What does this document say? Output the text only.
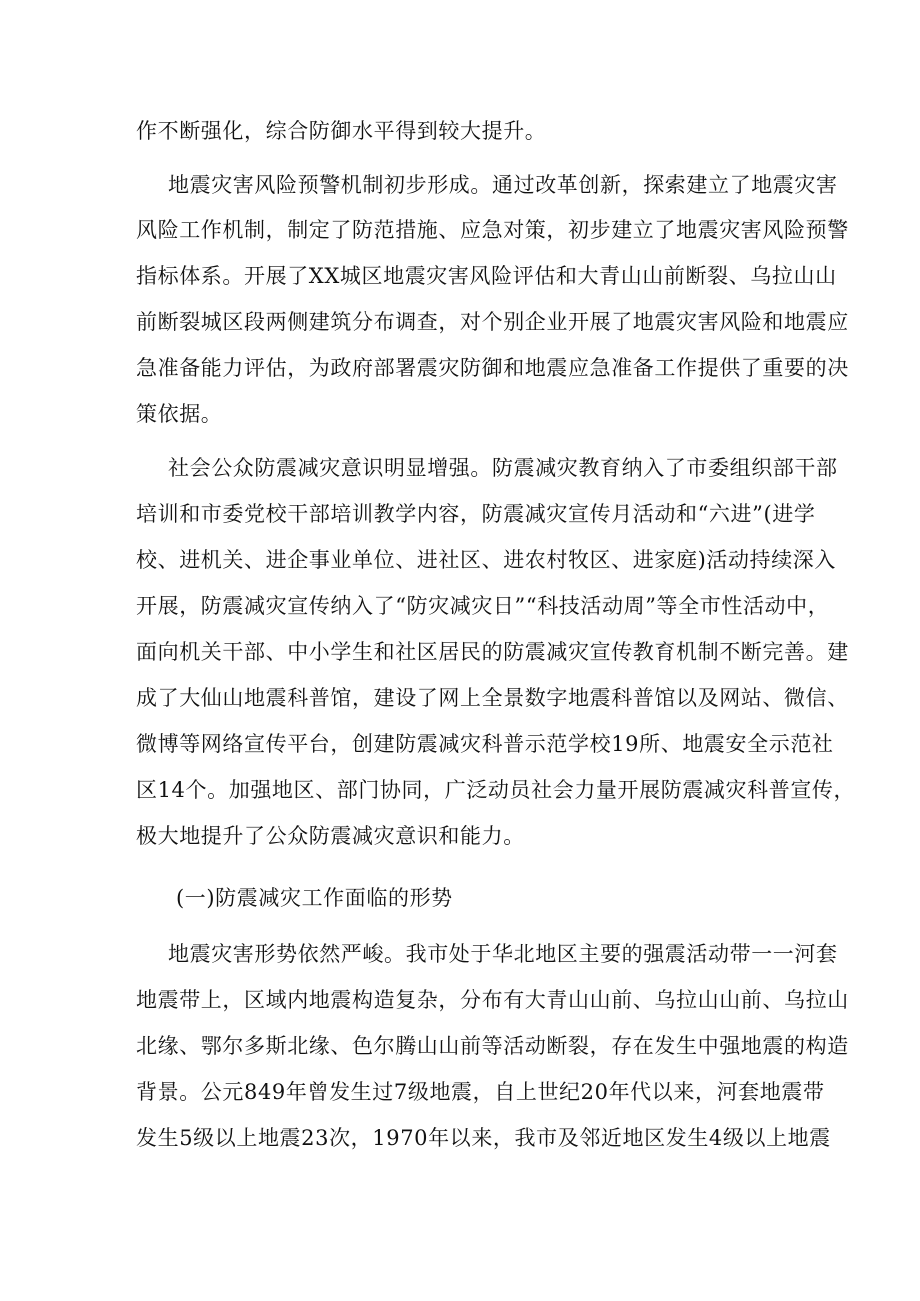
作不断强化，综合防御水平得到较大提升。
地震灾害风险预警机制初步形成。通过改革创新，探索建立了地震灾害
风险工作机制，制定了防范措施、应急对策，初步建立了地震灾害风险预警
指标体系。开展了XX城区地震灾害风险评估和大青山山前断裂、乌拉山山
前断裂城区段两侧建筑分布调查，对个别企业开展了地震灾害风险和地震应
急准备能力评估，为政府部署震灾防御和地震应急准备工作提供了重要的决
策依据。
社会公众防震减灾意识明显增强。防震减灾教育纳入了市委组织部干部
培训和市委党校干部培训教学内容，防震减灾宣传月活动和“六进”(进学
校、进机关、进企事业单位、进社区、进农村牧区、进家庭)活动持续深入
开展，防震减灾宣传纳入了“防灾减灾日”“科技活动周”等全市性活动中，
面向机关干部、中小学生和社区居民的防震减灾宣传教育机制不断完善。建
成了大仙山地震科普馆，建设了网上全景数字地震科普馆以及网站、微信、
微博等网络宣传平台，创建防震减灾科普示范学校19所、地震安全示范社
区14个。加强地区、部门协同，广泛动员社会力量开展防震减灾科普宣传，
极大地提升了公众防震减灾意识和能力。
(一)防震减灾工作面临的形势
地震灾害形势依然严峻。我市处于华北地区主要的强震活动带一一河套
地震带上，区域内地震构造复杂，分布有大青山山前、乌拉山山前、乌拉山
北缘、鄂尔多斯北缘、色尔腾山山前等活动断裂，存在发生中强地震的构造
背景。公元849年曾发生过7级地震，自上世纪20年代以来，河套地震带
发生5级以上地震23次，1970年以来，我市及邻近地区发生4级以上地震
